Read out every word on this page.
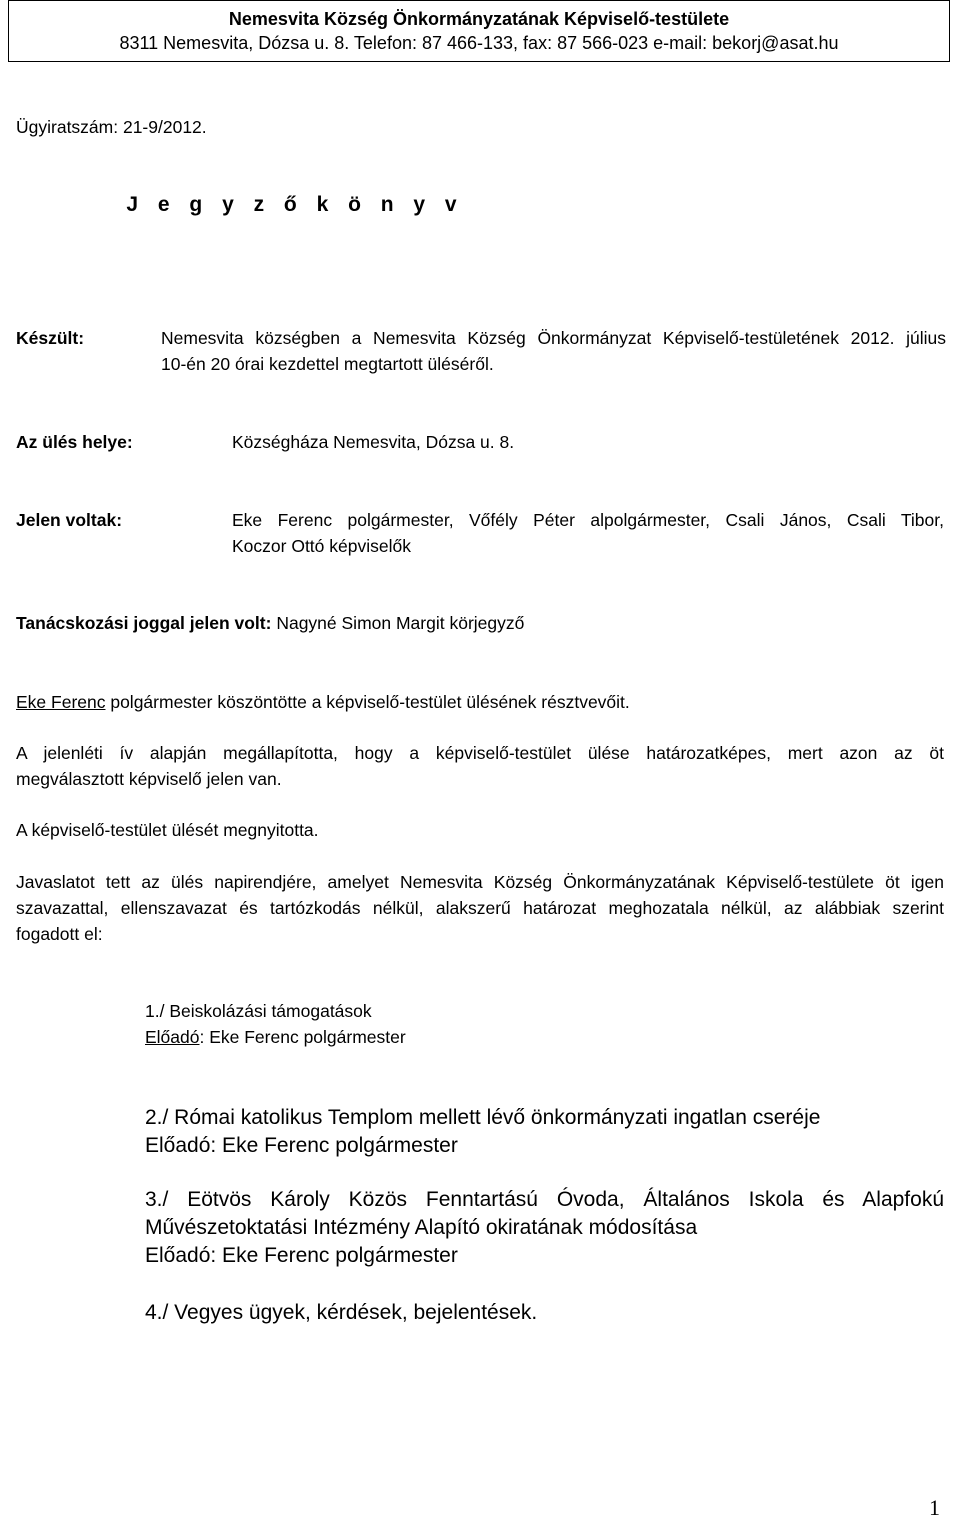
Nemesvita Község Önkormányzatának Képviselő-testülete
8311 Nemesvita, Dózsa u. 8. Telefon: 87 466-133, fax: 87 566-023 e-mail: bekorj@asat.hu
Ügyiratszám: 21-9/2012.
J e g y z ő k ö n y v
Készült:	Nemesvita községben a Nemesvita Község Önkormányzat Képviselő-testületének 2012. július
10-én 20 órai kezdettel megtartott üléséről.
Az ülés helye:	Községháza Nemesvita, Dózsa u. 8.
Jelen voltak:	Eke Ferenc polgármester, Vőfély Péter alpolgármester, Csali János, Csali Tibor,
Koczor Ottó képviselők
Tanácskozási joggal jelen volt: Nagyné Simon Margit körjegyző
Eke Ferenc polgármester köszöntötte a képviselő-testület ülésének résztvevőit.
A jelenléti ív alapján megállapította, hogy a képviselő-testület ülése határozatképes, mert azon az öt
megválasztott képviselő jelen van.
A képviselő-testület ülését megnyitotta.
Javaslatot tett az ülés napirendjére, amelyet Nemesvita Község Önkormányzatának Képviselő-testülete öt igen
szavazattal, ellenszavazat és tartózkodás nélkül, alakszerű határozat meghozatala nélkül, az alábbiak szerint
fogadott el:
1./ Beiskolázási támogatások
Előadó: Eke Ferenc polgármester
2./ Római katolikus Templom mellett lévő önkormányzati ingatlan cseréje
Előadó: Eke Ferenc polgármester
3./ Eötvös Károly Közös Fenntartású Óvoda, Általános Iskola és Alapfokú
Művészetoktatási Intézmény Alapító okiratának módosítása
Előadó: Eke Ferenc polgármester
4./ Vegyes ügyek, kérdések, bejelentések.
1
